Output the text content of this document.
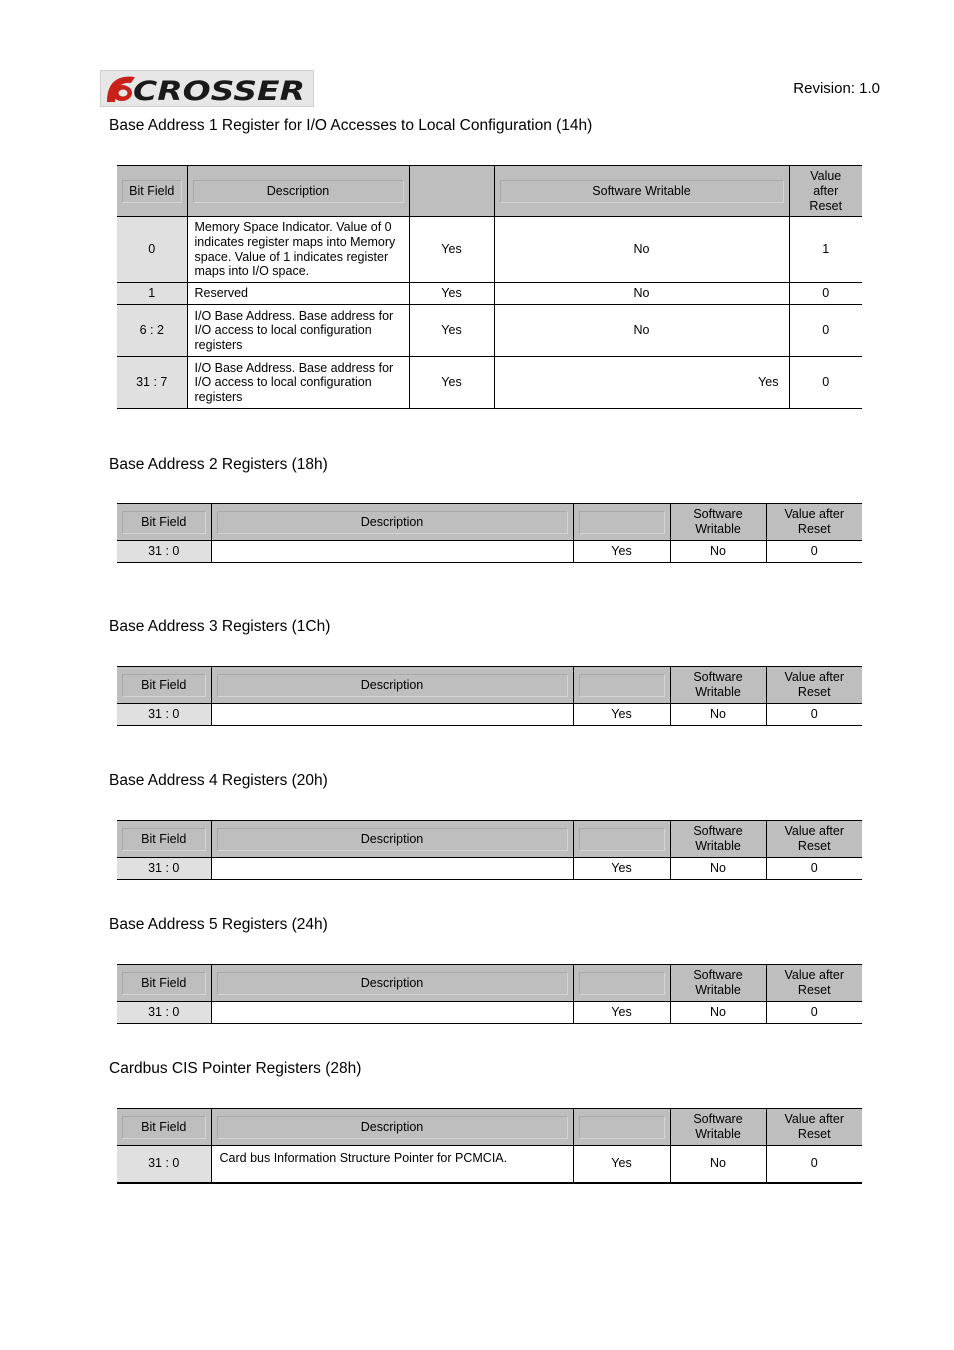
CROSSER	Revision: 1.0
Base Address 1 Register for I/O Accesses to Local Configuration (14h)
Bit Field	Description		Software Writable	Value after Reset

0	Memory Space Indicator. Value of 0 indicates register maps into Memory space. Value of 1 indicates register maps into I/O space.	Yes	No	1
1	Reserved	Yes	No	0
6 : 2	I/O Base Address. Base address for I/O access to local configuration registers	Yes	No	0
31 : 7	I/O Base Address. Base address for I/O access to local configuration registers	Yes	Yes	0
Base Address 2 Registers (18h)
Bit Field	Description		Software Writable	Value after Reset

31 : 0		Yes	No	0
Base Address 3 Registers (1Ch)
Bit Field	Description		Software Writable	Value after Reset

31 : 0		Yes	No	0
Base Address 4 Registers (20h)
Bit Field	Description		Software Writable	Value after Reset

31 : 0		Yes	No	0
Base Address 5 Registers (24h)
Bit Field	Description		Software Writable	Value after Reset

31 : 0		Yes	No	0
Cardbus CIS Pointer Registers (28h)
Bit Field	Description		Software Writable	Value after Reset

31 : 0	Card bus Information Structure Pointer for PCMCIA.	Yes	No	0
